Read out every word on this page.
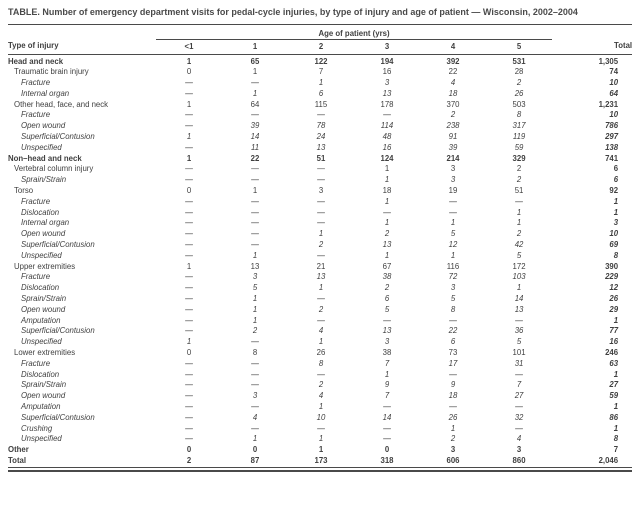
TABLE. Number of emergency department visits for pedal-cycle injuries, by type of injury and age of patient — Wisconsin, 2002–2004
	Age of patient (yrs)						
Type of injury	<1	1	2	3	4	5	Total
Head and neck	1	65	122	194	392	531	1,305
Traumatic brain injury	0	1	7	16	22	28	74
Fracture	—	—	1	3	4	2	10
Internal organ	—	1	6	13	18	26	64
Other head, face, and neck	1	64	115	178	370	503	1,231
Fracture	—	—	—	—	2	8	10
Open wound	—	39	78	114	238	317	786
Superficial/Contusion	1	14	24	48	91	119	297
Unspecified	—	11	13	16	39	59	138
Non–head and neck	1	22	51	124	214	329	741
Vertebral column injury	—	—	—	1	3	2	6
Sprain/Strain	—	—	—	1	3	2	6
Torso	0	1	3	18	19	51	92
Fracture	—	—	—	1	—	—	1
Dislocation	—	—	—	—	—	1	1
Internal organ	—	—	—	1	1	1	3
Open wound	—	—	1	2	5	2	10
Superficial/Contusion	—	—	2	13	12	42	69
Unspecified	—	1	—	1	1	5	8
Upper extremities	1	13	21	67	116	172	390
Fracture	—	3	13	38	72	103	229
Dislocation	—	5	1	2	3	1	12
Sprain/Strain	—	1	—	6	5	14	26
Open wound	—	1	2	5	8	13	29
Amputation	—	1	—	—	—	—	1
Superficial/Contusion	—	2	4	13	22	36	77
Unspecified	1	—	1	3	6	5	16
Lower extremities	0	8	26	38	73	101	246
Fracture	—	—	8	7	17	31	63
Dislocation	—	—	—	1	—	—	1
Sprain/Strain	—	—	2	9	9	7	27
Open wound	—	3	4	7	18	27	59
Amputation	—	—	1	—	—	—	1
Superficial/Contusion	—	4	10	14	26	32	86
Crushing	—	—	—	—	1	—	1
Unspecified	—	1	1	—	2	4	8
Other	0	0	1	0	3	3	7
Total	2	87	173	318	606	860	2,046
